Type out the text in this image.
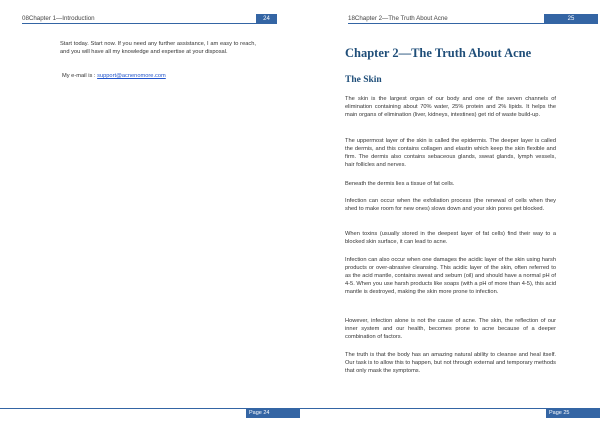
08Chapter 1—Introduction	24

Start today. Start now. If you need any further assistance, I am easy to reach, and you will have all my knowledge and expertise at your disposal.

My e-mail is : support@acnenomore.com
Page 24
18Chapter 2—The Truth About Acne	25
Page 25
Chapter 2—The Truth About Acne
The Skin

The skin is the largest organ of our body and one of the seven channels of elimination containing about 70% water, 25% protein and 2% lipids. It helps the main organs of elimination (liver, kidneys, intestines) get rid of waste build-up.

The uppermost layer of the skin is called the epidermis. The deeper layer is called the dermis, and this contains collagen and elastin which keep the skin flexible and firm. The dermis also contains sebaceous glands, sweat glands, lymph vessels, hair follicles and nerves.

Beneath the dermis lies a tissue of fat cells.

Infection can occur when the exfoliation process (the renewal of cells when they shed to make room for new ones) slows down and your skin pores get blocked.

When toxins (usually stored in the deepest layer of fat cells) find their way to a blocked skin surface, it can lead to acne.

Infection can also occur when one damages the acidic layer of the skin using harsh products or over-abrasive cleansing. This acidic layer of the skin, often referred to as the acid mantle, contains sweat and sebum (oil) and should have a normal pH of 4-5. When you use harsh products like soaps (with a pH of more than 4-5), this acid mantle is destroyed, making the skin more prone to infection.

However, infection alone is not the cause of acne. The skin, the reflection of our inner system and our health, becomes prone to acne because of a deeper combination of factors.

The truth is that the body has an amazing natural ability to cleanse and heal itself. Our task is to allow this to happen, but not through external and temporary methods that only mask the symptoms.
